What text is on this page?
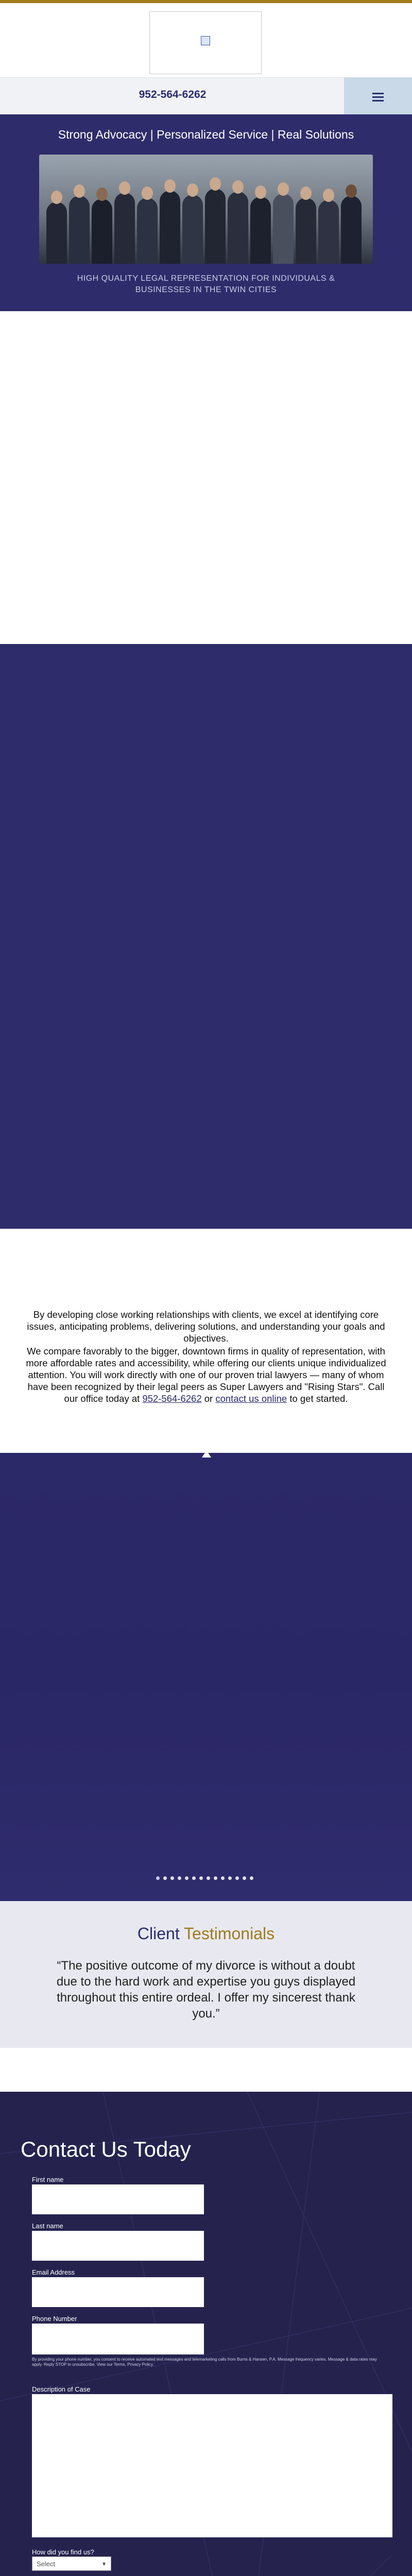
952-564-6262
Strong Advocacy | Personalized Service | Real Solutions
HIGH QUALITY LEGAL REPRESENTATION FOR INDIVIDUALS &
BUSINESSES IN THE TWIN CITIES

By developing close working relationships with clients, we excel at identifying core issues, anticipating problems, delivering solutions, and understanding your goals and objectives.

We compare favorably to the bigger, downtown firms in quality of representation, with more affordable rates and accessibility, while offering our clients unique individualized attention. You will work directly with one of our proven trial lawyers — many of whom have been recognized by their legal peers as Super Lawyers and "Rising Stars". Call our office today at 952-564-6262 or contact us online to get started.

Client Testimonials
“The positive outcome of my divorce is without a doubt due to the hard work and expertise you guys displayed throughout this entire ordeal. I offer my sincerest thank you.”
Contact Us Today
First name
Last name
Email Address
Phone Number
By providing your phone number, you consent to receive automated text messages and telemarketing calls from Burns & Hansen, P.A. Message frequency varies. Message & data rates may apply. Reply STOP to unsubscribe. View our Terms, Privacy Policy.
Description of Case
How did you find us?
Select	▼
